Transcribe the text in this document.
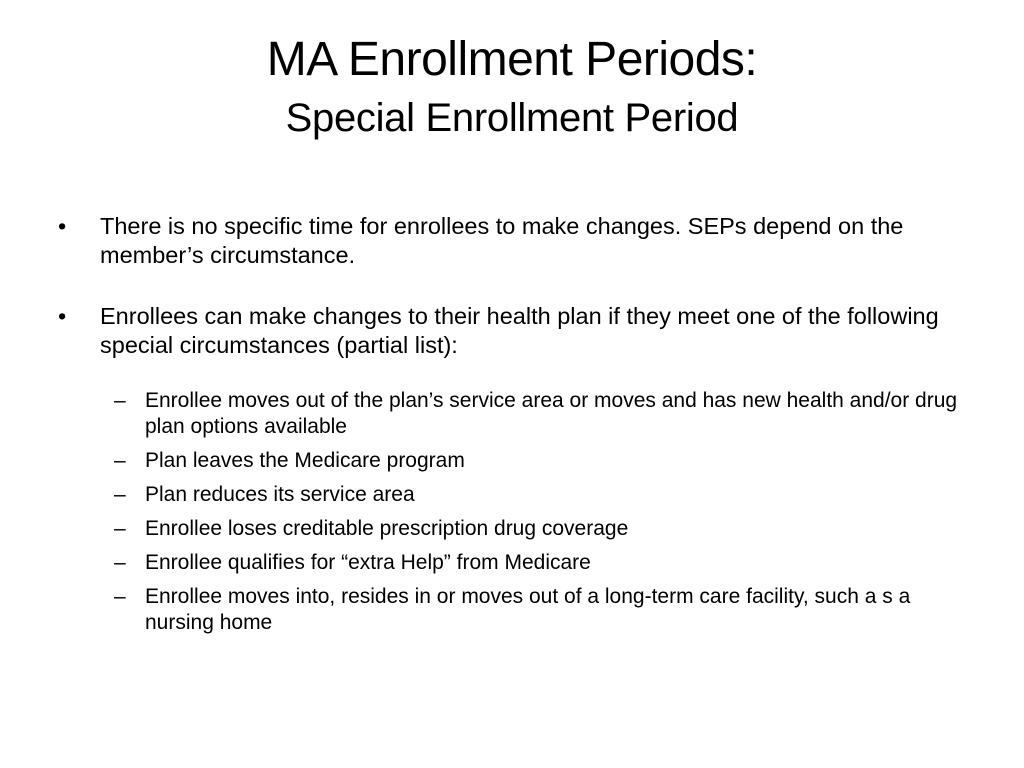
MA Enrollment Periods:
Special Enrollment Period
•	There is no specific time for enrollees to make changes. SEPs depend on the member’s circumstance.
•	Enrollees can make changes to their health plan if they meet one of the following special circumstances (partial list):
– Enrollee moves out of the plan’s service area or moves and has new health and/or drug plan options available
– Plan leaves the Medicare program
– Plan reduces its service area
– Enrollee loses creditable prescription drug coverage
– Enrollee qualifies for “extra Help” from Medicare
– Enrollee moves into, resides in or moves out of a long-term care facility, such a s a nursing home
